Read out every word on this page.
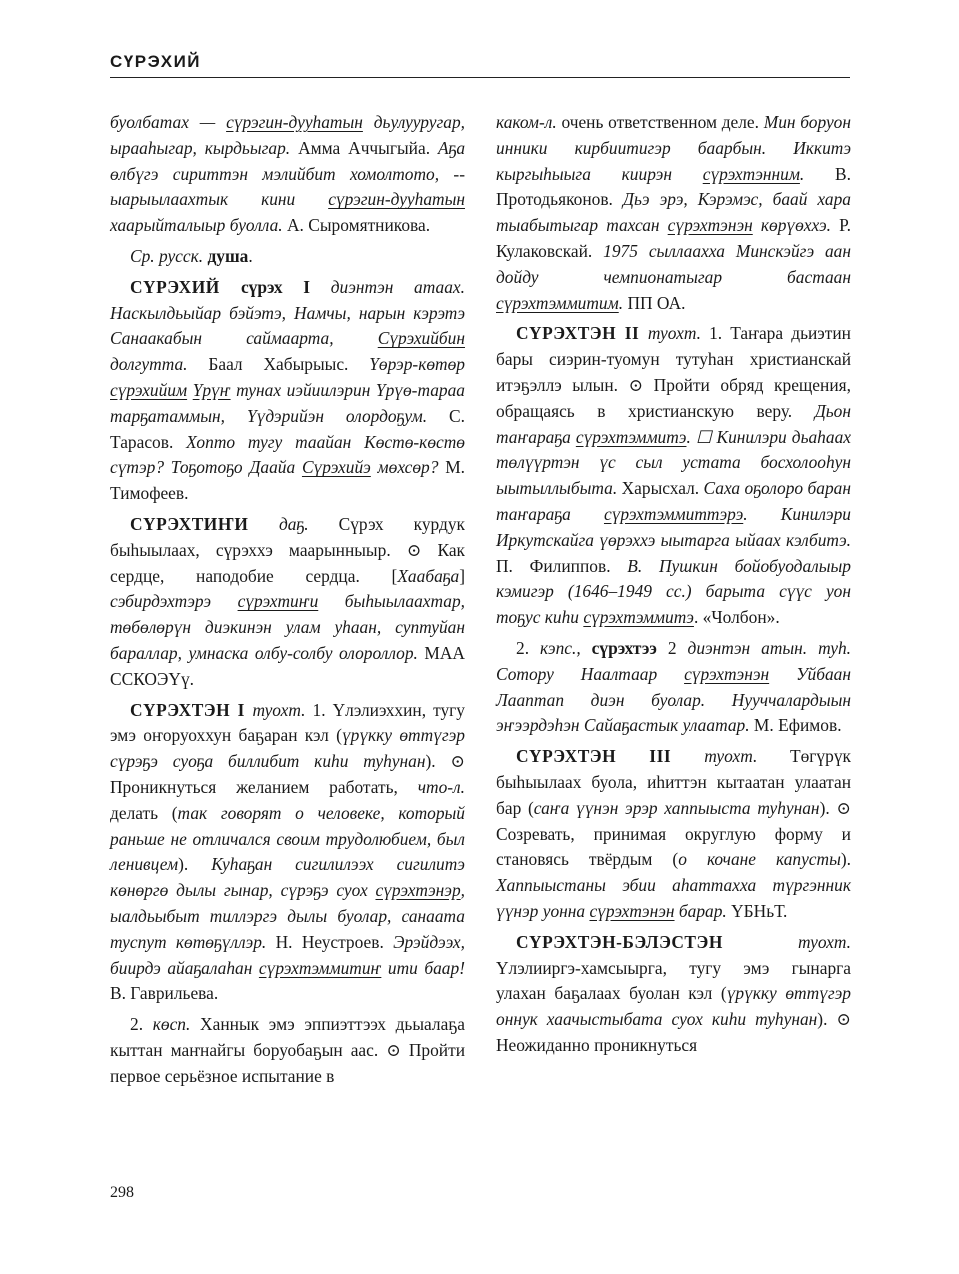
СҮРЭХИЙ

буолбатах — сүрэгин-дууһатын дьулууругар, ырааһыгар, кырдьыгар. Амма Аччыгыйа. Аҕа өлбүгэ сириттэн мэлийбит хомолтото, -- ыарыылаахтык кини сүрэгин-дууһатын хаарыйталыыр буолла. А. Сыромятникова.

Ср. русск. душа.

СҮРЭХИЙ сүрэх I диэнтэн атаах. Наскылдьыйар бэйэтэ, Намчы, нарын кэрэтэ Санаакабын саймаарта, Сүрэхийбин долгутта. Баал Хабырыыс. Үөрэр-көтөр сүрэхийим Үрүҥ тунах иэйиилэрин Үрүө-тараа тарҕатаммын, Үүдэрийэн олордоҕум. С. Тарасов. Хопто тугу таайан Көстө-көстө сүтэр? Тоҕотоҕо Даайа Сүрэхийэ мөхсөр? М. Тимофеев.

СҮРЭХТИҤИ даҕ. Сүрэх курдук быһыылаах, сүрэххэ маарынныыр. ⊙ Как сердце, наподобие сердца. [Хаабаҕа] сэбирдэхтэрэ сүрэхтиҥи быһыылаахтар, төбөлөрүн диэкинэн улам уһаан, суптуйан бараллар, умнаска олбу-солбу олороллор. МАА ССКОЭҮү.

СҮРЭХТЭН I туохт. 1. Үлэлиэххин, тугу эмэ оҥоруоххун баҕаран кэл (үрүкку өттүгэр сүрэҕэ суоҕа биллибит киһи туһунан). ⊙ Проникнуться желанием работать, что-л. делать (так говорят о человеке, который раньше не отличался своим трудолюбием, был ленивцем). Куһаҕан сигилилээх сигилитэ көнөргө дылы гынар, сүрэҕэ суох сүрэхтэнэр, ыалдьыбыт тиллэргэ дылы буолар, санаата туспут көтөҕүллэр. Н. Неустроев. Эрэйдээх, биирдэ айаҕалаһан сүрэхтэммитиҥ ити баар! В. Гаврильева.

2. көсп. Ханнык эмэ эппиэттээх дьыалаҕа кыттан маҥнайгы боруобаҕын аас. ⊙ Пройти первое серьёзное испытание в

каком-л. очень ответственном деле. Мин боруон инники кирбиитигэр баарбын. Иккитэ кыргыһыыга киирэн сүрэхтэнним. В. Протодьяконов. Дьэ эрэ, Кэрэмэс, баай хара тыабытыгар тахсан сүрэхтэнэн көрүөххэ. Р. Кулаковскай. 1975 сыллаахха Минскэйгэ аан дойду чемпионатыгар бастаан сүрэхтэммитим. ПП ОА.

СҮРЭХТЭН II туохт. 1. Таҥара дьиэтин бары сиэрин-туомун тутуһан христианскай итэҕэллэ ылын. ⊙ Пройти обряд крещения, обращаясь в христианскую веру. Дьон таҥараҕа сүрэхтэммитэ. ☐ Кинилэри дьаһаах төлүүртэн үс сыл устата босхолооһун ыытыллыбыта. Харысхал. Саха оҕолоро баран таҥараҕа сүрэхтэммиттэрэ. Кинилэри Иркутскайга үөрэххэ ыытарга ыйаах кэлбитэ. П. Филиппов. В. Пушкин бойобуодалыыр кэмигэр (1646–1949 сс.) барыта сүүс уон тоҕус киһи сүрэхтэммитэ. «Чолбон».

2. кэпс., сүрэхтээ 2 диэнтэн атын. туһ. Сотору Наалтаар сүрэхтэнэн Уйбаан Лааптап диэн буолар. Нууччалардыын эҥээрдэһэн Сайаҕастык улаатар. М. Ефимов.

СҮРЭХТЭН III туохт. Төгүрүк быһыылаах буола, иһиттэн кытаатан улаатан бар (саҥа үүнэн эрэр хаппыыста туһунан). ⊙ Созревать, принимая округлую форму и становясь твёрдым (о кочане капусты). Хаппыыстаны эбии аһаттахха түргэнник үүнэр уонна сүрэхтэнэн барар. ҮБНьТ.

СҮРЭХТЭН-БЭЛЭСТЭН туохт. Үлэлииргэ-хамсыырга, тугу эмэ гынарга улахан баҕалаах буолан кэл (үрүкку өттүгэр оннук хаачыстыбата суох киһи туһунан). ⊙ Неожиданно проникнуться

298
